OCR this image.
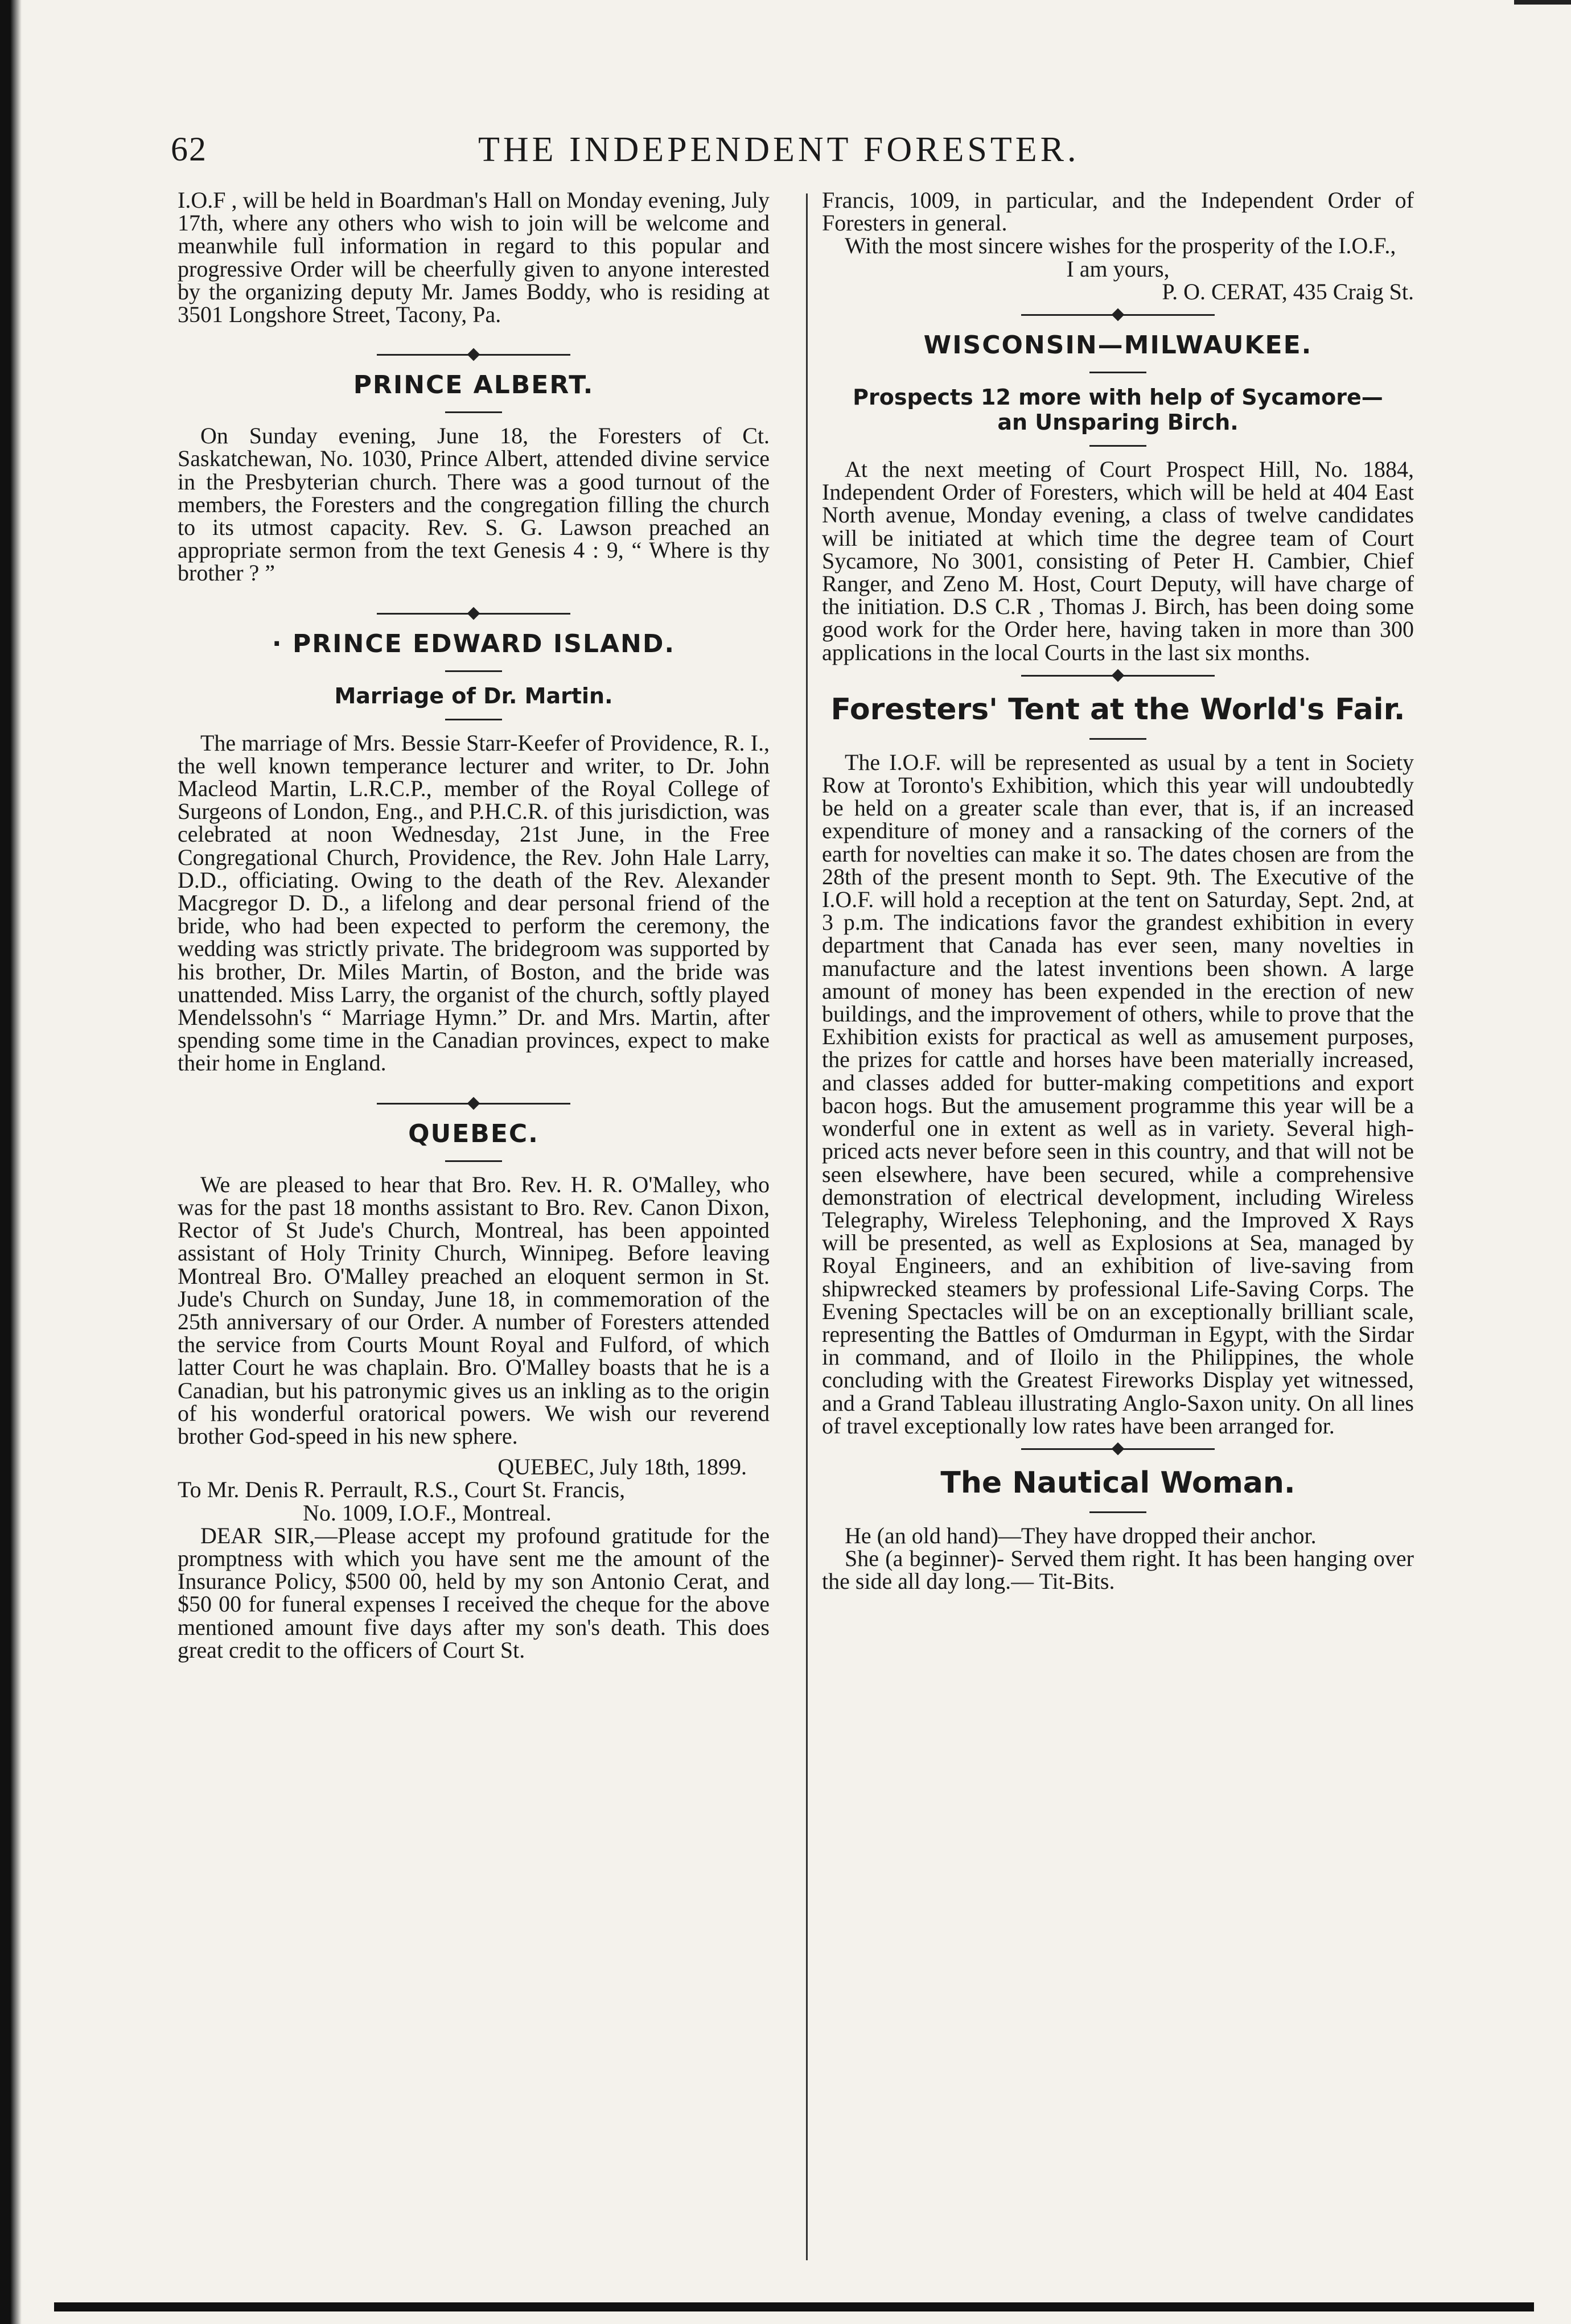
62	THE INDEPENDENT FORESTER.

I.O.F , will be held in Boardman's Hall on Monday evening, July 17th, where any others who wish to join will be welcome and meanwhile full information in regard to this popular and progressive Order will be cheerfully given to anyone interested by the organizing deputy Mr. James Boddy, who is residing at 3501 Longshore Street, Tacony, Pa.

PRINCE ALBERT.

On Sunday evening, June 18, the Foresters of Ct. Saskatchewan, No. 1030, Prince Albert, attended divine service in the Presbyterian church. There was a good turnout of the members, the Foresters and the congregation filling the church to its utmost capacity. Rev. S. G. Lawson preached an appropriate sermon from the text Genesis 4 : 9, “ Where is thy brother ? ”

· PRINCE EDWARD ISLAND.
Marriage of Dr. Martin.

The marriage of Mrs. Bessie Starr-Keefer of Providence, R. I., the well known temperance lecturer and writer, to Dr. John Macleod Martin, L.R.C.P., member of the Royal College of Surgeons of London, Eng., and P.H.C.R. of this jurisdiction, was celebrated at noon Wednesday, 21st June, in the Free Congregational Church, Providence, the Rev. John Hale Larry, D.D., officiating. Owing to the death of the Rev. Alexander Macgregor D. D., a lifelong and dear personal friend of the bride, who had been expected to perform the ceremony, the wedding was strictly private. The bridegroom was supported by his brother, Dr. Miles Martin, of Boston, and the bride was unattended. Miss Larry, the organist of the church, softly played Mendelssohn's “ Marriage Hymn.” Dr. and Mrs. Martin, after spending some time in the Canadian provinces, expect to make their home in England.

QUEBEC.

We are pleased to hear that Bro. Rev. H. R. O'Malley, who was for the past 18 months assistant to Bro. Rev. Canon Dixon, Rector of St Jude's Church, Montreal, has been appointed assistant of Holy Trinity Church, Winnipeg. Before leaving Montreal Bro. O'Malley preached an eloquent sermon in St. Jude's Church on Sunday, June 18, in commemoration of the 25th anniversary of our Order. A number of Foresters attended the service from Courts Mount Royal and Fulford, of which latter Court he was chaplain. Bro. O'Malley boasts that he is a Canadian, but his patronymic gives us an inkling as to the origin of his wonderful oratorical powers. We wish our reverend brother God-speed in his new sphere.

QUEBEC, July 18th, 1899.

To Mr. Denis R. Perrault, R.S., Court St. Francis,

No. 1009, I.O.F., Montreal.

DEAR SIR,—Please accept my profound gratitude for the promptness with which you have sent me the amount of the Insurance Policy, $500 00, held by my son Antonio Cerat, and $50 00 for funeral expenses I received the cheque for the above mentioned amount five days after my son's death. This does great credit to the officers of Court St.

Francis, 1009, in particular, and the Independent Order of Foresters in general.

With the most sincere wishes for the prosperity of the I.O.F.,

I am yours,

P. O. CERAT, 435 Craig St.

WISCONSIN—MILWAUKEE.
Prospects 12 more with help of Sycamore—
an Unsparing Birch.

At the next meeting of Court Prospect Hill, No. 1884, Independent Order of Foresters, which will be held at 404 East North avenue, Monday evening, a class of twelve candidates will be initiated at which time the degree team of Court Sycamore, No 3001, consisting of Peter H. Cambier, Chief Ranger, and Zeno M. Host, Court Deputy, will have charge of the initiation. D.S C.R , Thomas J. Birch, has been doing some good work for the Order here, having taken in more than 300 applications in the local Courts in the last six months.

Foresters' Tent at the World's Fair.

The I.O.F. will be represented as usual by a tent in Society Row at Toronto's Exhibition, which this year will undoubtedly be held on a greater scale than ever, that is, if an increased expenditure of money and a ransacking of the corners of the earth for novelties can make it so. The dates chosen are from the 28th of the present month to Sept. 9th. The Executive of the I.O.F. will hold a reception at the tent on Saturday, Sept. 2nd, at 3 p.m. The indications favor the grandest exhibition in every department that Canada has ever seen, many novelties in manufacture and the latest inventions been shown. A large amount of money has been expended in the erection of new buildings, and the improvement of others, while to prove that the Exhibition exists for practical as well as amusement purposes, the prizes for cattle and horses have been materially increased, and classes added for butter-making competitions and export bacon hogs. But the amusement programme this year will be a wonderful one in extent as well as in variety. Several high-priced acts never before seen in this country, and that will not be seen elsewhere, have been secured, while a comprehensive demonstration of electrical development, including Wireless Telegraphy, Wireless Telephoning, and the Improved X Rays will be presented, as well as Explosions at Sea, managed by Royal Engineers, and an exhibition of live-saving from shipwrecked steamers by professional Life-Saving Corps. The Evening Spectacles will be on an exceptionally brilliant scale, representing the Battles of Omdurman in Egypt, with the Sirdar in command, and of Iloilo in the Philippines, the whole concluding with the Greatest Fireworks Display yet witnessed, and a Grand Tableau illustrating Anglo-Saxon unity. On all lines of travel exceptionally low rates have been arranged for.

The Nautical Woman.

He (an old hand)—They have dropped their anchor.

She (a beginner)- Served them right. It has been hanging over the side all day long.— Tit-Bits.
